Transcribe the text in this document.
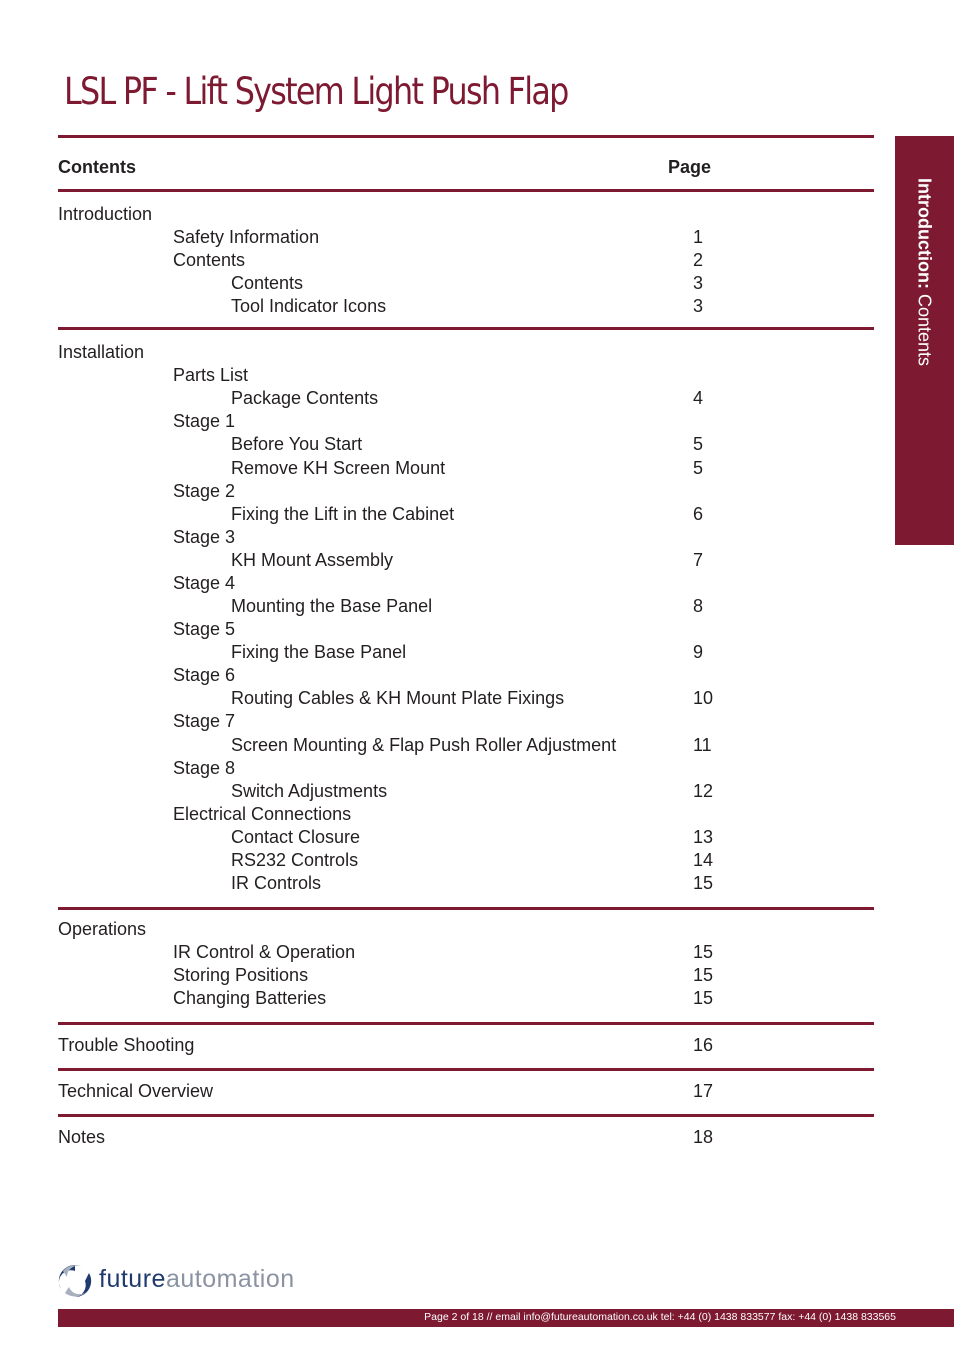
LSL PF - Lift System Light Push Flap
Introduction: Contents
Contents	Page
Introduction
Safety Information	1
Contents	2
Contents	3
Tool Indicator Icons	3
Installation
Parts List
Package Contents	4
Stage 1
Before You Start	5
Remove KH Screen Mount	5
Stage 2
Fixing the Lift in the Cabinet	6
Stage 3
KH Mount Assembly	7
Stage 4
Mounting the Base Panel	8
Stage 5
Fixing the Base Panel	9
Stage 6
Routing Cables & KH Mount Plate Fixings	10
Stage 7
Screen Mounting & Flap Push Roller Adjustment	11
Stage 8
Switch Adjustments	12
Electrical Connections
Contact Closure	13
RS232 Controls	14
IR Controls	15
Operations
IR Control & Operation	15
Storing Positions	15
Changing Batteries	15
Trouble Shooting	16
Technical Overview	17
Notes	18
futureautomation
Page 2 of 18 // email info@futureautomation.co.uk tel: +44 (0) 1438 833577 fax: +44 (0) 1438 833565
